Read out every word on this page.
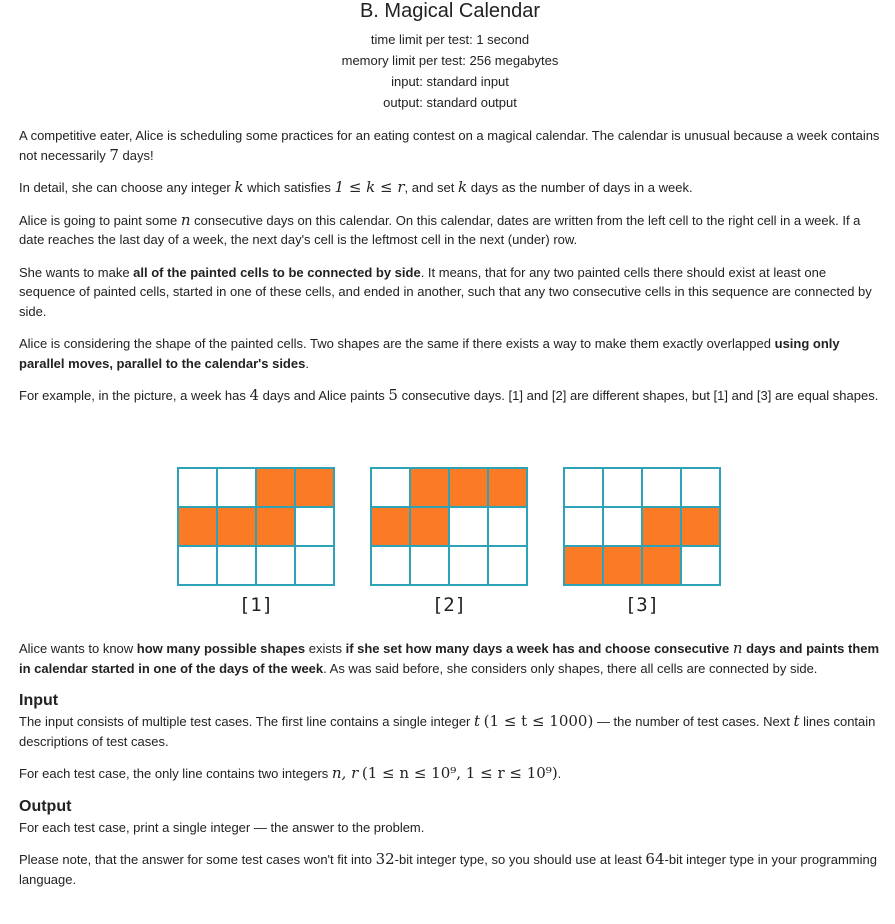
B. Magical Calendar
time limit per test: 1 second
memory limit per test: 256 megabytes
input: standard input
output: standard output

A competitive eater, Alice is scheduling some practices for an eating contest on a magical calendar. The calendar is unusual because a week contains not necessarily 7 days!

In detail, she can choose any integer k which satisfies 1 ≤ k ≤ r, and set k days as the number of days in a week.

Alice is going to paint some n consecutive days on this calendar. On this calendar, dates are written from the left cell to the right cell in a week. If a date reaches the last day of a week, the next day's cell is the leftmost cell in the next (under) row.

She wants to make all of the painted cells to be connected by side. It means, that for any two painted cells there should exist at least one sequence of painted cells, started in one of these cells, and ended in another, such that any two consecutive cells in this sequence are connected by side.

Alice is considering the shape of the painted cells. Two shapes are the same if there exists a way to make them exactly overlapped using only parallel moves, parallel to the calendar's sides.

For example, in the picture, a week has 4 days and Alice paints 5 consecutive days. [1] and [2] are different shapes, but [1] and [3] are equal shapes.

[1]	[2]	[3]

Alice wants to know how many possible shapes exists if she set how many days a week has and choose consecutive n days and paints them in calendar started in one of the days of the week. As was said before, she considers only shapes, there all cells are connected by side.

Input

The input consists of multiple test cases. The first line contains a single integer t (1 ≤ t ≤ 1000) — the number of test cases. Next t lines contain descriptions of test cases.

For each test case, the only line contains two integers n, r (1 ≤ n ≤ 10⁹, 1 ≤ r ≤ 10⁹).

Output

For each test case, print a single integer — the answer to the problem.

Please note, that the answer for some test cases won't fit into 32-bit integer type, so you should use at least 64-bit integer type in your programming language.
